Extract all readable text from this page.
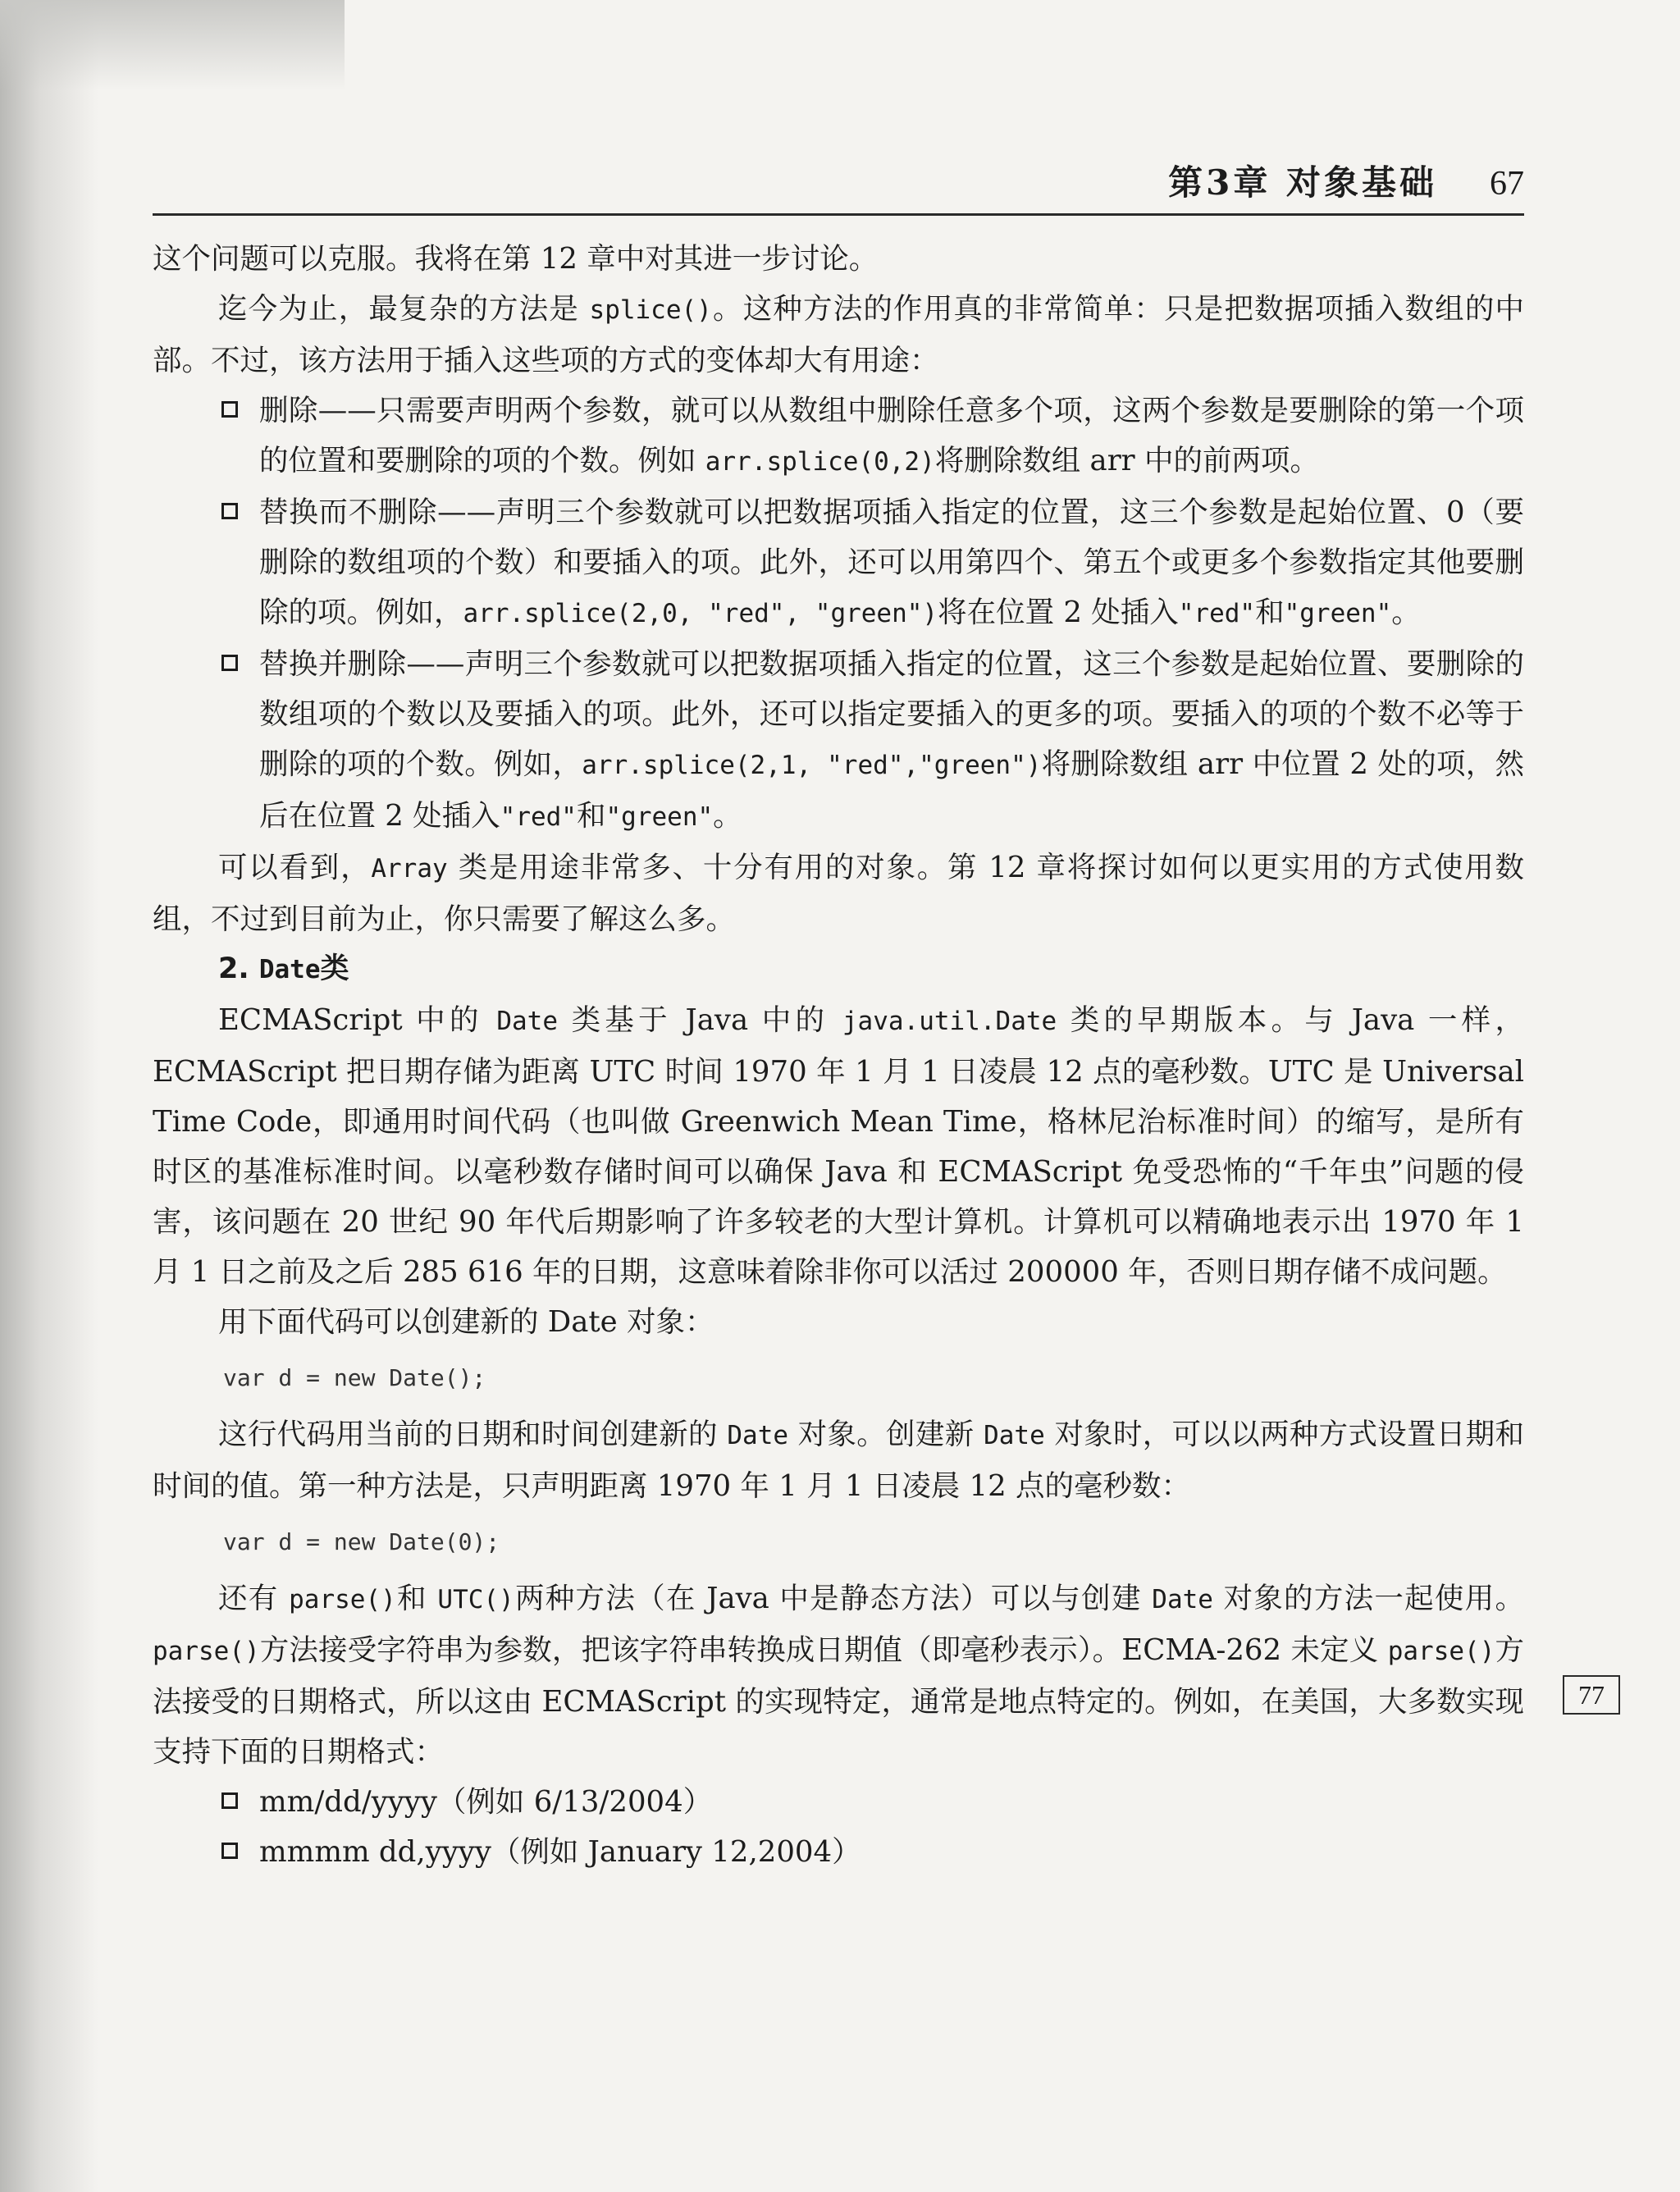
第3章 对象基础 67

这个问题可以克服。我将在第 12 章中对其进一步讨论。

迄今为止，最复杂的方法是 splice()。这种方法的作用真的非常简单：只是把数据项插入数组的中部。不过，该方法用于插入这些项的方式的变体却大有用途：

删除——只需要声明两个参数，就可以从数组中删除任意多个项，这两个参数是要删除的第一个项的位置和要删除的项的个数。例如 arr.splice(0,2)将删除数组 arr 中的前两项。
替换而不删除——声明三个参数就可以把数据项插入指定的位置，这三个参数是起始位置、0（要删除的数组项的个数）和要插入的项。此外，还可以用第四个、第五个或更多个参数指定其他要删除的项。例如，arr.splice(2,0, "red", "green")将在位置 2 处插入"red"和"green"。
替换并删除——声明三个参数就可以把数据项插入指定的位置，这三个参数是起始位置、要删除的数组项的个数以及要插入的项。此外，还可以指定要插入的更多的项。要插入的项的个数不必等于删除的项的个数。例如，arr.splice(2,1, "red","green")将删除数组 arr 中位置 2 处的项，然后在位置 2 处插入"red"和"green"。

可以看到，Array 类是用途非常多、十分有用的对象。第 12 章将探讨如何以更实用的方式使用数组，不过到目前为止，你只需要了解这么多。

2. Date类

ECMAScript 中的 Date 类基于 Java 中的 java.util.Date 类的早期版本。与 Java 一样，ECMAScript 把日期存储为距离 UTC 时间 1970 年 1 月 1 日凌晨 12 点的毫秒数。UTC 是 Universal Time Code，即通用时间代码（也叫做 Greenwich Mean Time，格林尼治标准时间）的缩写，是所有时区的基准标准时间。以毫秒数存储时间可以确保 Java 和 ECMAScript 免受恐怖的“千年虫”问题的侵害，该问题在 20 世纪 90 年代后期影响了许多较老的大型计算机。计算机可以精确地表示出 1970 年 1 月 1 日之前及之后 285 616 年的日期，这意味着除非你可以活过 200000 年，否则日期存储不成问题。

用下面代码可以创建新的 Date 对象：

var d = new Date();

这行代码用当前的日期和时间创建新的 Date 对象。创建新 Date 对象时，可以以两种方式设置日期和时间的值。第一种方法是，只声明距离 1970 年 1 月 1 日凌晨 12 点的毫秒数：

var d = new Date(0);

还有 parse()和 UTC()两种方法（在 Java 中是静态方法）可以与创建 Date 对象的方法一起使用。parse()方法接受字符串为参数，把该字符串转换成日期值（即毫秒表示）。ECMA-262 未定义 parse()方法接受的日期格式，所以这由 ECMAScript 的实现特定，通常是地点特定的。例如，在美国，大多数实现支持下面的日期格式：

mm/dd/yyyy（例如 6/13/2004）
mmmm dd,yyyy（例如 January 12,2004）
77
